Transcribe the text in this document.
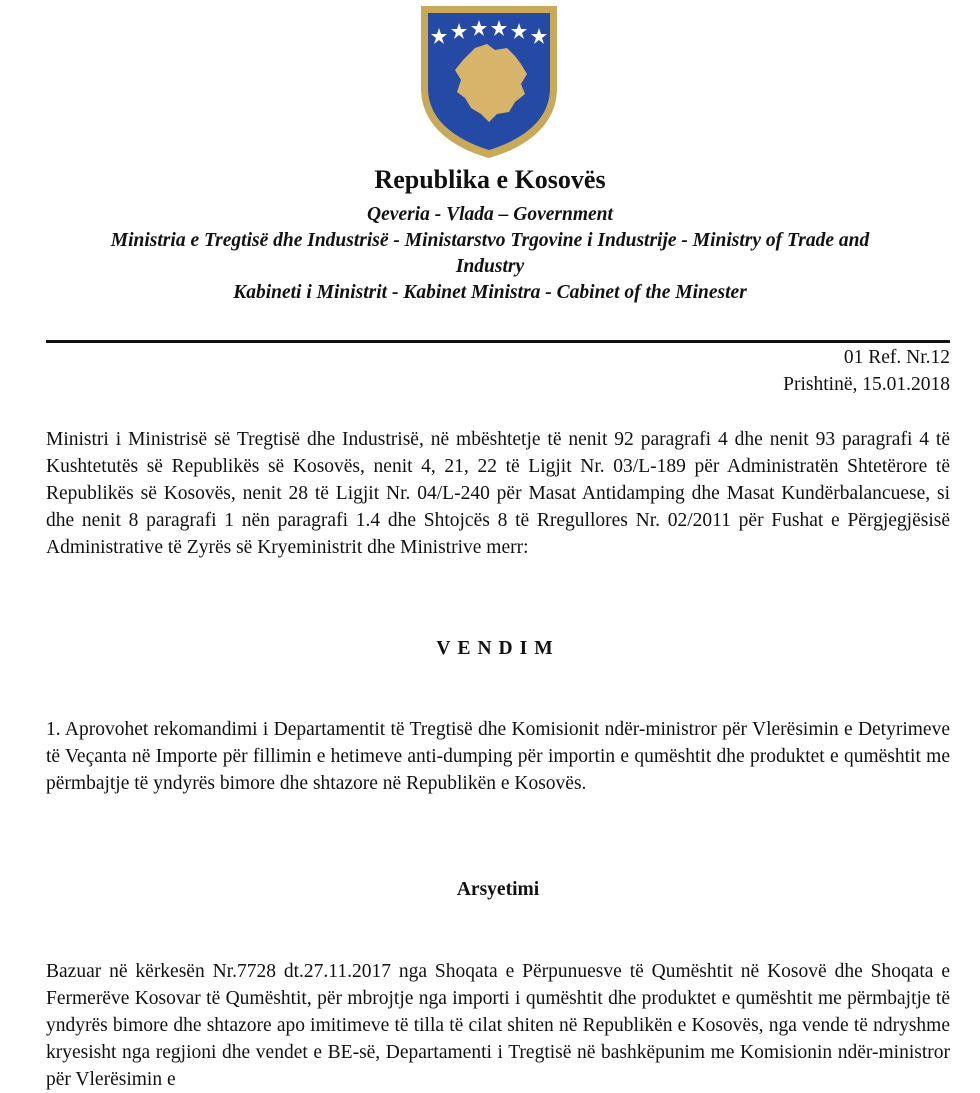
Republika e Kosovës
Qeveria - Vlada – Government
Ministria e Tregtisë dhe Industrisë - Ministarstvo Trgovine i Industrije - Ministry of Trade and Industry
Kabineti i Ministrit - Kabinet Ministra - Cabinet of the Minester
01 Ref. Nr.12
Prishtinë, 15.01.2018
Ministri i Ministrisë së Tregtisë dhe Industrisë, në mbështetje të nenit 92 paragrafi 4 dhe nenit 93 paragrafi 4 të Kushtetutës së Republikës së Kosovës, nenit 4, 21, 22 të Ligjit Nr. 03/L-189 për Administratën Shtetërore të Republikës së Kosovës, nenit 28 të Ligjit Nr. 04/L-240 për Masat Antidamping dhe Masat Kundërbalancuese, si dhe nenit 8 paragrafi 1 nën paragrafi 1.4 dhe Shtojcës 8 të Rregullores Nr. 02/2011 për Fushat e Përgjegjësisë Administrative të Zyrës së Kryeministrit dhe Ministrive merr:
VENDIM
1. Aprovohet rekomandimi i Departamentit të Tregtisë dhe Komisionit ndër-ministror për Vlerësimin e Detyrimeve të Veçanta në Importe për fillimin e hetimeve anti-dumping për importin e qumështit dhe produktet e qumështit me përmbajtje të yndyrës bimore dhe shtazore në Republikën e Kosovës.
Arsyetimi
Bazuar në kërkesën Nr.7728 dt.27.11.2017 nga Shoqata e Përpunuesve të Qumështit në Kosovë dhe Shoqata e Fermerëve Kosovar të Qumështit, për mbrojtje nga importi i qumështit dhe produktet e qumështit me përmbajtje të yndyrës bimore dhe shtazore apo imitimeve të tilla të cilat shiten në Republikën e Kosovës, nga vende të ndryshme kryesisht nga regjioni dhe vendet e BE-së, Departamenti i Tregtisë në bashkëpunim me Komisionin ndër-ministror për Vlerësimin e
